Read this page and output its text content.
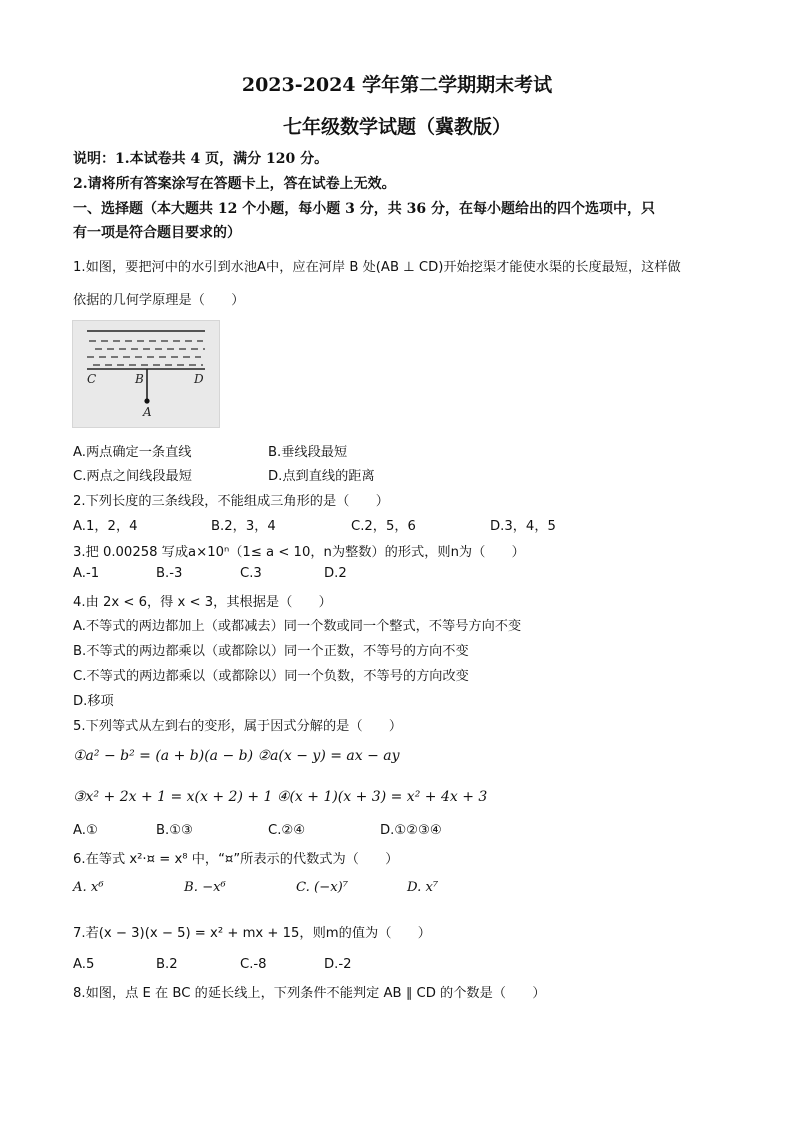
2023-2024 学年第二学期期末考试
七年级数学试题（冀教版）
说明：1.本试卷共 4 页，满分 120 分。
2.请将所有答案涂写在答题卡上，答在试卷上无效。
一、选择题（本大题共 12 个小题，每小题 3 分，共 36 分，在每小题给出的四个选项中，只
有一项是符合题目要求的）
1.如图，要把河中的水引到水池A中，应在河岸 B 处(AB ⊥ CD)开始挖渠才能使水渠的长度最短，这样做
依据的几何学原理是（　　）
C	B	D
A
A.两点确定一条直线	B.垂线段最短
C.两点之间线段最短	D.点到直线的距离
2.下列长度的三条线段，不能组成三角形的是（　　）
A.1，2，4	B.2，3，4	C.2，5，6	D.3，4，5
3.把 0.00258 写成a×10ⁿ（1≤ a < 10，n为整数）的形式，则n为（　　）
A.-1	B.-3	C.3	D.2
4.由 2x < 6，得 x < 3，其根据是（　　）
A.不等式的两边都加上（或都减去）同一个数或同一个整式，不等号方向不变
B.不等式的两边都乘以（或都除以）同一个正数，不等号的方向不变
C.不等式的两边都乘以（或都除以）同一个负数，不等号的方向改变
D.移项
5.下列等式从左到右的变形，属于因式分解的是（　　）
①a² − b² = (a + b)(a − b) ②a(x − y) = ax − ay
③x² + 2x + 1 = x(x + 2) + 1 ④(x + 1)(x + 3) = x² + 4x + 3
A.①	B.①③	C.②④	D.①②③④
6.在等式 x²·¤ = x⁸ 中，“¤”所表示的代数式为（　　）
A. x⁶	B. −x⁶	C. (−x)⁷	D. x⁷
7.若(x − 3)(x − 5) = x² + mx + 15，则m的值为（　　）
A.5	B.2	C.-8	D.-2
8.如图，点 E 在 BC 的延长线上，下列条件不能判定 AB ∥ CD 的个数是（　　）
